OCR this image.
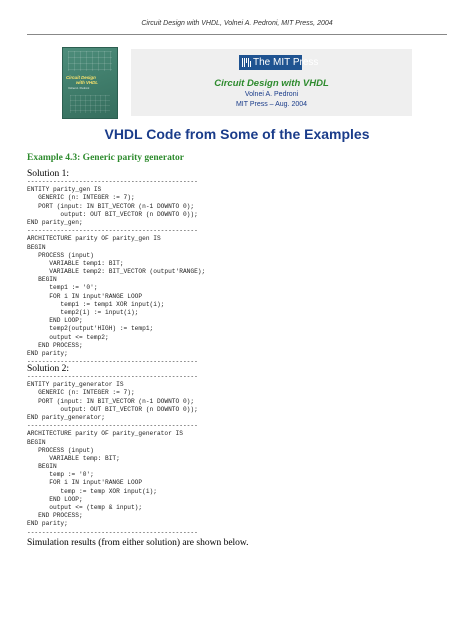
Circuit Design with VHDL, Volnei A. Pedroni, MIT Press, 2004
Circuit Design
with VHDL
Volnei A. Pedroni
The MIT Press
Circuit Design with VHDL
Volnei A. Pedroni
MIT Press – Aug. 2004
VHDL Code from Some of the Examples
Example 4.3: Generic parity generator
Solution 1:
----------------------------------------------
ENTITY parity_gen IS
GENERIC (n: INTEGER := 7);
PORT (input: IN BIT_VECTOR (n-1 DOWNTO 0);
output: OUT BIT_VECTOR (n DOWNTO 0));
END parity_gen;
----------------------------------------------
ARCHITECTURE parity OF parity_gen IS
BEGIN
PROCESS (input)
VARIABLE temp1: BIT;
VARIABLE temp2: BIT_VECTOR (output'RANGE);
BEGIN
temp1 := '0';
FOR i IN input'RANGE LOOP
temp1 := temp1 XOR input(i);
temp2(i) := input(i);
END LOOP;
temp2(output'HIGH) := temp1;
output <= temp2;
END PROCESS;
END parity;
----------------------------------------------
Solution 2:
----------------------------------------------
ENTITY parity_generator IS
GENERIC (n: INTEGER := 7);
PORT (input: IN BIT_VECTOR (n-1 DOWNTO 0);
output: OUT BIT_VECTOR (n DOWNTO 0));
END parity_generator;
----------------------------------------------
ARCHITECTURE parity OF parity_generator IS
BEGIN
PROCESS (input)
VARIABLE temp: BIT;
BEGIN
temp := '0';
FOR i IN input'RANGE LOOP
temp := temp XOR input(i);
END LOOP;
output <= (temp & input);
END PROCESS;
END parity;
----------------------------------------------
Simulation results (from either solution) are shown below.
